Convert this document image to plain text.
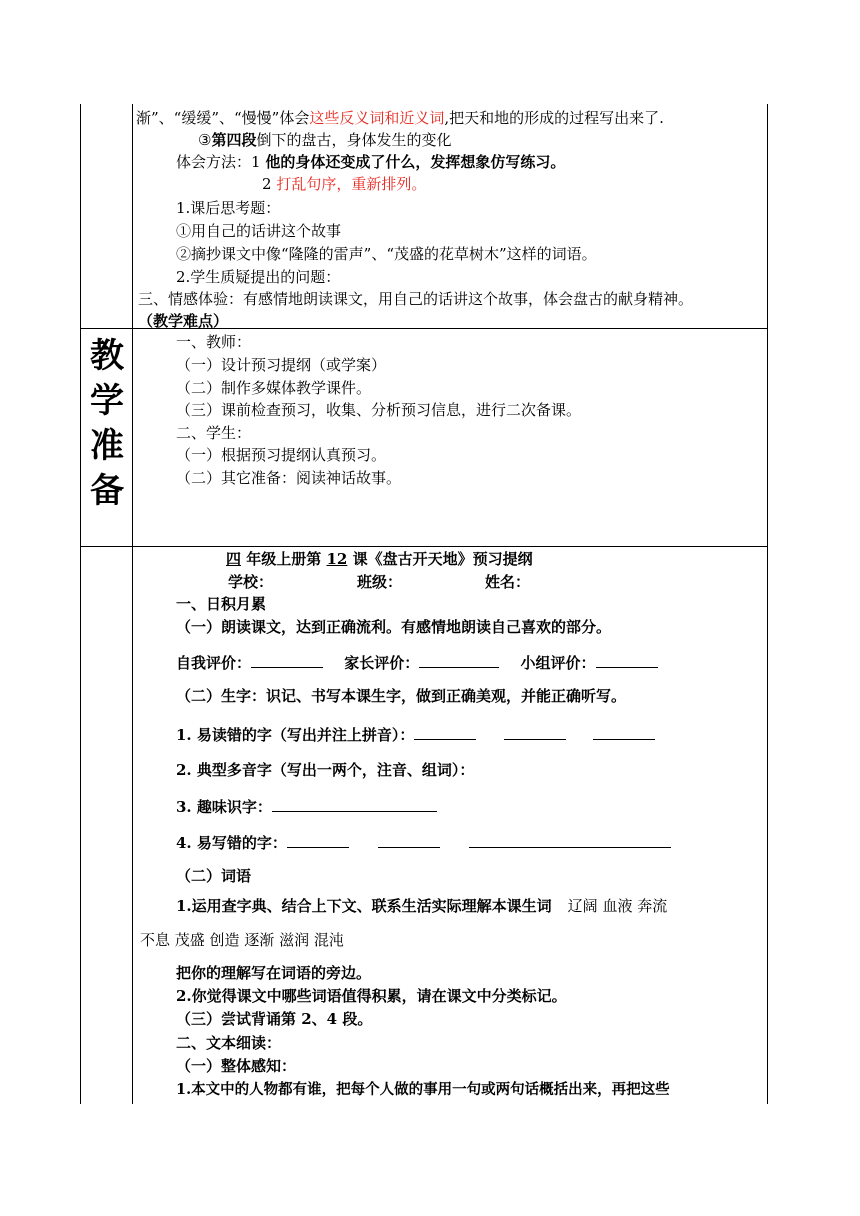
渐”、“缓缓”、“慢慢”体会这些反义词和近义词,把天和地的形成的过程写出来了.
③第四段倒下的盘古，身体发生的变化
体会方法：1 他的身体还变成了什么，发挥想象仿写练习。
2 打乱句序，重新排列。
1.课后思考题：
①用自己的话讲这个故事
②摘抄课文中像“隆隆的雷声”、“茂盛的花草树木”这样的词语。
2.学生质疑提出的问题：
三、情感体验：有感情地朗读课文，用自己的话讲这个故事，体会盘古的献身精神。
（教学难点）
教
学
准
备
一、教师：
（一）设计预习提纲（或学案）
（二）制作多媒体教学课件。
（三）课前检查预习，收集、分析预习信息，进行二次备课。
二、学生：
（一）根据预习提纲认真预习。
（二）其它准备：阅读神话故事。
四 年级上册第 12 课《盘古开天地》预习提纲
学校：	班级：	姓名：
一、日积月累
（一）朗读课文，达到正确流利。有感情地朗读自己喜欢的部分。
自我评价：	家长评价：	小组评价：
（二）生字：识记、书写本课生字，做到正确美观，并能正确听写。
1. 易读错的字（写出并注上拼音）：
2. 典型多音字（写出一两个，注音、组词）：
3. 趣味识字：
4. 易写错的字：
（二）词语
1.运用查字典、结合上下文、联系生活实际理解本课生词 辽阔 血液 奔流
不息 茂盛 创造 逐渐 滋润 混沌
把你的理解写在词语的旁边。
2.你觉得课文中哪些词语值得积累，请在课文中分类标记。
（三）尝试背诵第 2、4 段。
二、文本细读：
（一）整体感知：
1.本文中的人物都有谁，把每个人做的事用一句或两句话概括出来，再把这些
